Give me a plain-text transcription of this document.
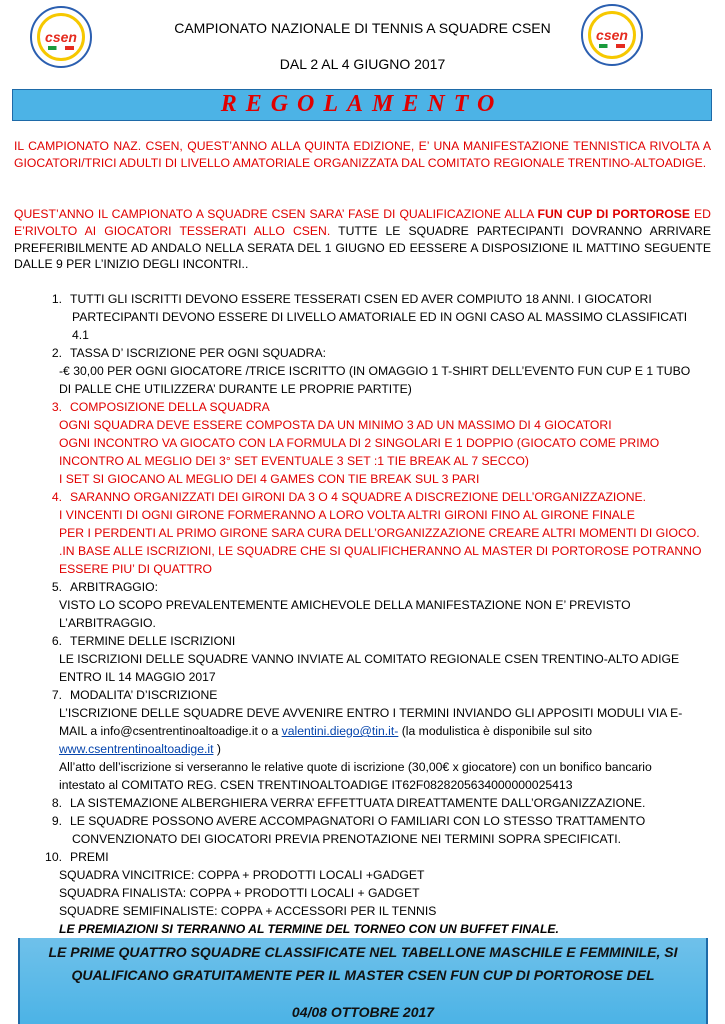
csen	csen
CAMPIONATO NAZIONALE DI TENNIS A SQUADRE CSEN
DAL 2 AL 4 GIUGNO 2017
REGOLAMENTO
IL CAMPIONATO NAZ. CSEN, QUEST’ANNO ALLA QUINTA EDIZIONE, E’ UNA MANIFESTAZIONE TENNISTICA RIVOLTA A GIOCATORI/TRICI ADULTI DI LIVELLO AMATORIALE ORGANIZZATA DAL COMITATO REGIONALE TRENTINO-ALTOADIGE.
QUEST’ANNO IL CAMPIONATO A SQUADRE CSEN SARA’ FASE DI QUALIFICAZIONE ALLA FUN CUP DI PORTOROSE ED E’RIVOLTO AI GIOCATORI TESSERATI ALLO CSEN. TUTTE LE SQUADRE PARTECIPANTI DOVRANNO ARRIVARE PREFERIBILMENTE AD ANDALO NELLA SERATA DEL 1 GIUGNO ED EESSERE A DISPOSIZIONE IL MATTINO SEGUENTE DALLE 9 PER L’INIZIO DEGLI INCONTRI..
1. TUTTI GLI ISCRITTI DEVONO ESSERE TESSERATI CSEN ED AVER COMPIUTO 18 ANNI. I GIOCATORI
PARTECIPANTI DEVONO ESSERE DI LIVELLO AMATORIALE ED IN OGNI CASO AL MASSIMO CLASSIFICATI
4.1
2. TASSA D’ ISCRIZIONE PER OGNI SQUADRA:
-€ 30,00 PER OGNI GIOCATORE /TRICE ISCRITTO (IN OMAGGIO 1 T-SHIRT DELL’EVENTO FUN CUP E 1 TUBO
DI PALLE CHE UTILIZZERA’ DURANTE LE PROPRIE PARTITE)
3. COMPOSIZIONE DELLA SQUADRA
OGNI SQUADRA DEVE ESSERE COMPOSTA DA UN MINIMO 3 AD UN MASSIMO DI 4 GIOCATORI
OGNI INCONTRO VA GIOCATO CON LA FORMULA DI 2 SINGOLARI E 1 DOPPIO (GIOCATO COME PRIMO
INCONTRO AL MEGLIO DEI 3° SET EVENTUALE 3 SET :1 TIE BREAK AL 7 SECCO)
I SET SI GIOCANO AL MEGLIO DEI 4 GAMES CON TIE BREAK SUL 3 PARI
4. SARANNO ORGANIZZATI DEI GIRONI DA 3 O 4 SQUADRE A DISCREZIONE DELL’ORGANIZZAZIONE.
I VINCENTI DI OGNI GIRONE FORMERANNO A LORO VOLTA ALTRI GIRONI FINO AL GIRONE FINALE
PER I PERDENTI AL PRIMO GIRONE SARA CURA DELL’ORGANIZZAZIONE CREARE ALTRI MOMENTI DI GIOCO.
.IN BASE ALLE ISCRIZIONI, LE SQUADRE CHE SI QUALIFICHERANNO AL MASTER DI PORTOROSE POTRANNO
ESSERE PIU’ DI QUATTRO
5. ARBITRAGGIO:
VISTO LO SCOPO PREVALENTEMENTE AMICHEVOLE DELLA MANIFESTAZIONE NON E’ PREVISTO
L’ARBITRAGGIO.
6. TERMINE DELLE ISCRIZIONI
LE ISCRIZIONI DELLE SQUADRE VANNO INVIATE AL COMITATO REGIONALE CSEN TRENTINO-ALTO ADIGE
ENTRO IL 14 MAGGIO 2017
7. MODALITA’ D’ISCRIZIONE
L’ISCRIZIONE DELLE SQUADRE DEVE AVVENIRE ENTRO I TERMINI INVIANDO GLI APPOSITI MODULI VIA E-
MAIL a info@csentrentinoaltoadige.it o a valentini.diego@tin.it- (la modulistica è disponibile sul sito
www.csentrentinoaltoadige.it )
All’atto dell’iscrizione si verseranno le relative quote di iscrizione (30,00€ x giocatore) con un bonifico bancario
intestato al COMITATO REG. CSEN TRENTINOALTOADIGE IT62F0828205634000000025413
8. LA SISTEMAZIONE ALBERGHIERA VERRA’ EFFETTUATA DIREATTAMENTE DALL’ORGANIZZAZIONE.
9. LE SQUADRE POSSONO AVERE ACCOMPAGNATORI O FAMILIARI CON LO STESSO TRATTAMENTO
CONVENZIONATO DEI GIOCATORI PREVIA PRENOTAZIONE NEI TERMINI SOPRA SPECIFICATI.
10. PREMI
SQUADRA VINCITRICE: COPPA + PRODOTTI LOCALI +GADGET
SQUADRA FINALISTA: COPPA + PRODOTTI LOCALI + GADGET
SQUADRE SEMIFINALISTE: COPPA + ACCESSORI PER IL TENNIS
LE PREMIAZIONI SI TERRANNO AL TERMINE DEL TORNEO CON UN BUFFET FINALE.
LE PRIME QUATTRO SQUADRE CLASSIFICATE NEL TABELLONE MASCHILE E FEMMINILE, SI
QUALIFICANO GRATUITAMENTE PER IL MASTER CSEN FUN CUP DI PORTOROSE DEL
04/08 OTTOBRE 2017
